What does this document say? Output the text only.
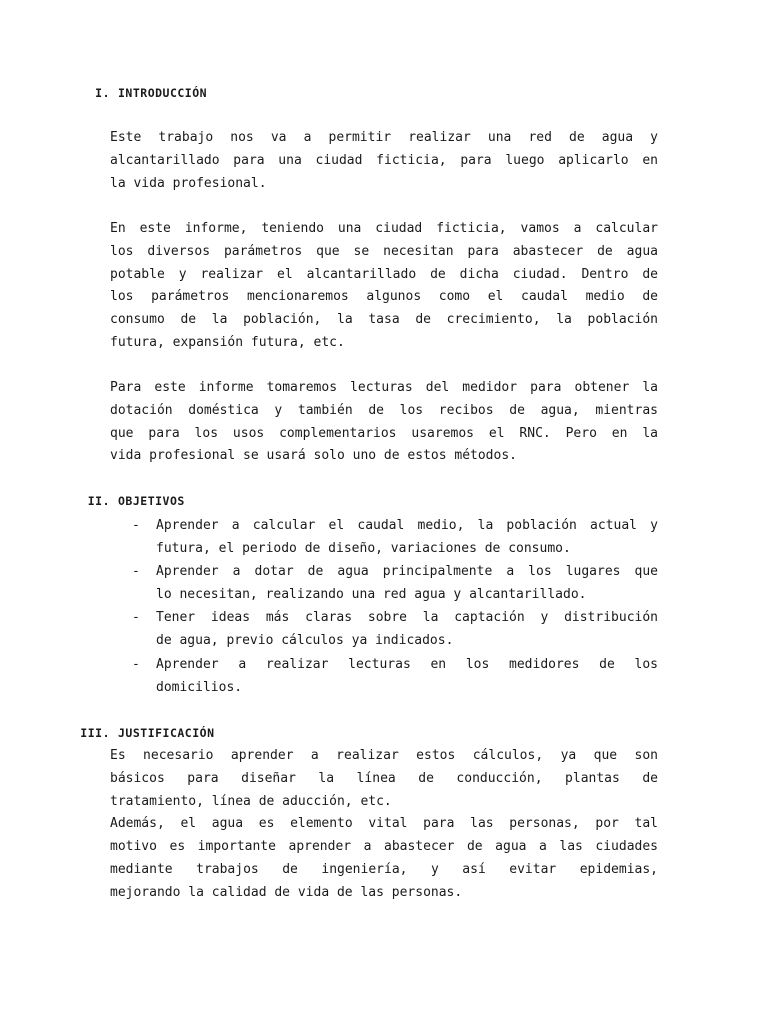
I. INTRODUCCIÓN
Este trabajo nos va a permitir realizar una red de agua y
alcantarillado para una ciudad ficticia, para luego aplicarlo en
la vida profesional.
En este informe, teniendo una ciudad ficticia, vamos a calcular
los diversos parámetros que se necesitan para abastecer de agua
potable y realizar el alcantarillado de dicha ciudad. Dentro de
los parámetros mencionaremos algunos como el caudal medio de
consumo de la población, la tasa de crecimiento, la población
futura, expansión futura, etc.
Para este informe tomaremos lecturas del medidor para obtener la
dotación doméstica y también de los recibos de agua, mientras
que para los usos complementarios usaremos el RNC. Pero en la
vida profesional se usará solo uno de estos métodos.
II. OBJETIVOS
- Aprender a calcular el caudal medio, la población actual y
futura, el periodo de diseño, variaciones de consumo.
- Aprender a dotar de agua principalmente a los lugares que
lo necesitan, realizando una red agua y alcantarillado.
- Tener ideas más claras sobre la captación y distribución
de agua, previo cálculos ya indicados.
- Aprender a realizar lecturas en los medidores de los
domicilios.
III. JUSTIFICACIÓN
Es necesario aprender a realizar estos cálculos, ya que son
básicos para diseñar la línea de conducción, plantas de
tratamiento, línea de aducción, etc.
Además, el agua es elemento vital para las personas, por tal
motivo es importante aprender a abastecer de agua a las ciudades
mediante trabajos de ingeniería, y así evitar epidemias,
mejorando la calidad de vida de las personas.
